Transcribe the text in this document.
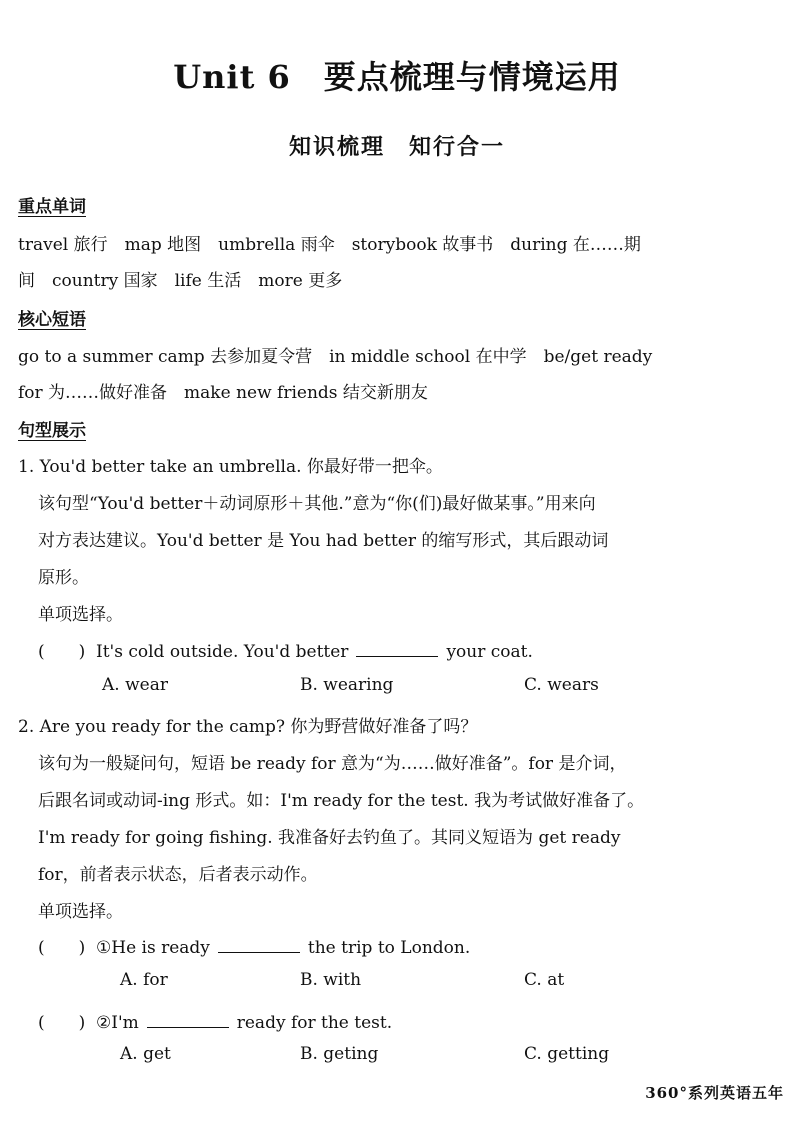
Unit 6　要点梳理与情境运用
知识梳理　知行合一
重点单词
travel 旅行　map 地图　umbrella 雨伞　storybook 故事书　during 在……期
间　country 国家　life 生活　more 更多
核心短语
go to a summer camp 去参加夏令营　in middle school 在中学　be/get ready
for 为……做好准备　make new friends 结交新朋友
句型展示
1. You'd better take an umbrella. 你最好带一把伞。
该句型“You'd better＋动词原形＋其他.”意为“你(们)最好做某事。”用来向
对方表达建议。You'd better 是 You had better 的缩写形式，其后跟动词
原形。
单项选择。
(　　) It's cold outside. You'd better	your coat.
A. wear	B. wearing	C. wears
2. Are you ready for the camp? 你为野营做好准备了吗？
该句为一般疑问句，短语 be ready for 意为“为……做好准备”。for 是介词，
后跟名词或动词-ing 形式。如：I'm ready for the test. 我为考试做好准备了。
I'm ready for going fishing. 我准备好去钓鱼了。其同义短语为 get ready
for，前者表示状态，后者表示动作。
单项选择。
(　　) ①He is ready	the trip to London.
A. for	B. with	C. at
(　　) ②I'm	ready for the test.
A. get	B. geting	C. getting
360°系列英语五年
